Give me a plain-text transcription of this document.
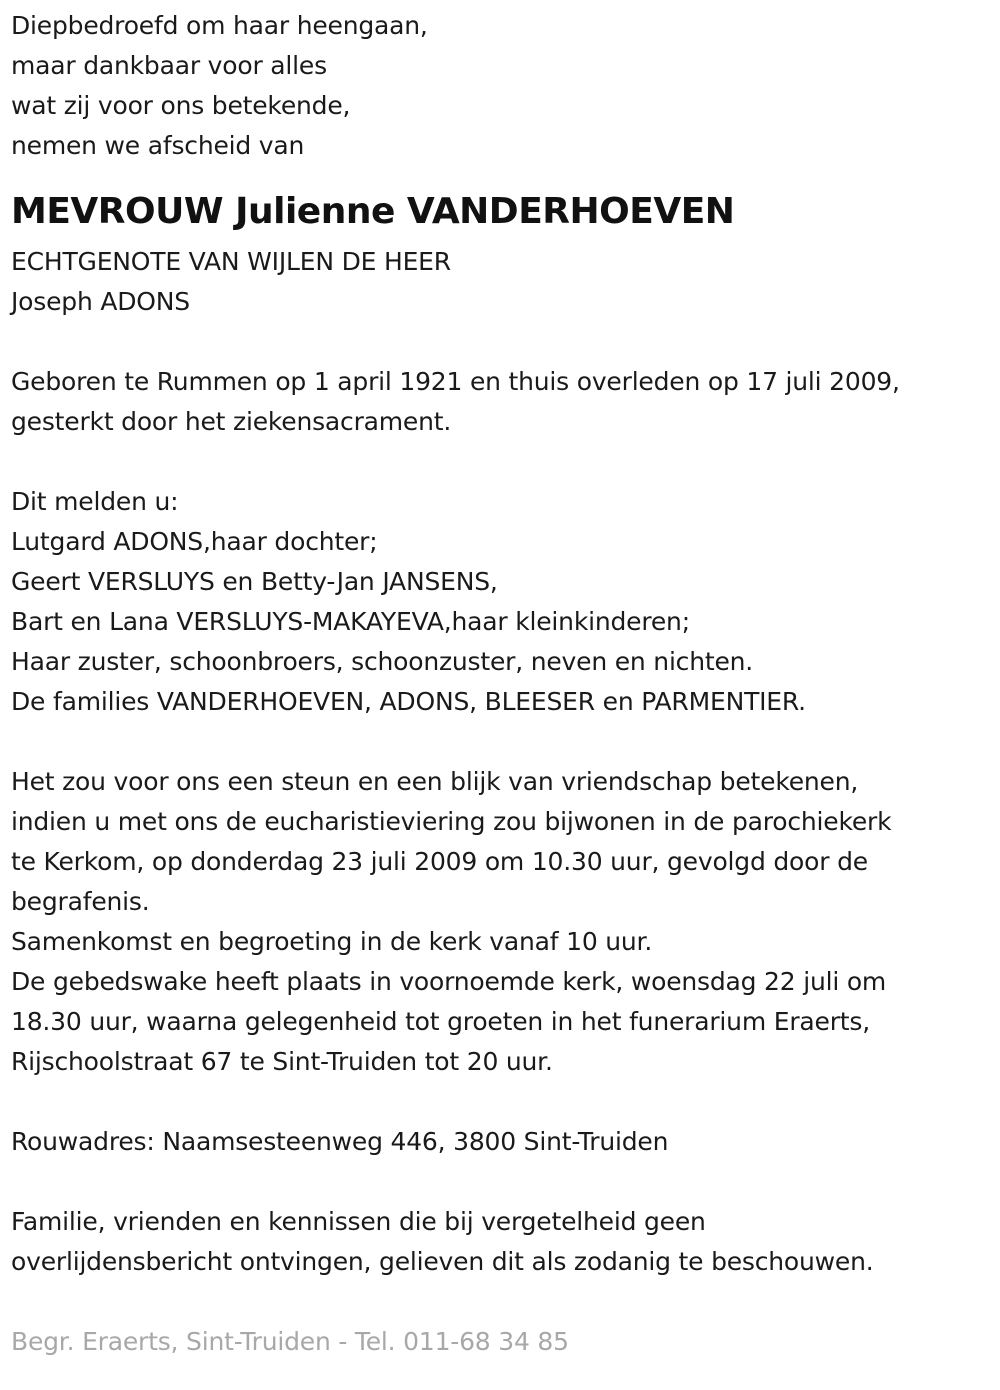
Diepbedroefd om haar heengaan,
maar dankbaar voor alles
wat zij voor ons betekende,
nemen we afscheid van
MEVROUW Julienne VANDERHOEVEN
ECHTGENOTE VAN WIJLEN DE HEER
Joseph ADONS
Geboren te Rummen op 1 april 1921 en thuis overleden op 17 juli 2009,
gesterkt door het ziekensacrament.
Dit melden u:
Lutgard ADONS,haar dochter;
Geert VERSLUYS en Betty-Jan JANSENS,
Bart en Lana VERSLUYS-MAKAYEVA,haar kleinkinderen;
Haar zuster, schoonbroers, schoonzuster, neven en nichten.
De families VANDERHOEVEN, ADONS, BLEESER en PARMENTIER.
Het zou voor ons een steun en een blijk van vriendschap betekenen,
indien u met ons de eucharistieviering zou bijwonen in de parochiekerk
te Kerkom, op donderdag 23 juli 2009 om 10.30 uur, gevolgd door de
begrafenis.
Samenkomst en begroeting in de kerk vanaf 10 uur.
De gebedswake heeft plaats in voornoemde kerk, woensdag 22 juli om
18.30 uur, waarna gelegenheid tot groeten in het funerarium Eraerts,
Rijschoolstraat 67 te Sint-Truiden tot 20 uur.
Rouwadres: Naamsesteenweg 446, 3800 Sint-Truiden
Familie, vrienden en kennissen die bij vergetelheid geen
overlijdensbericht ontvingen, gelieven dit als zodanig te beschouwen.
Begr. Eraerts, Sint-Truiden - Tel. 011-68 34 85
